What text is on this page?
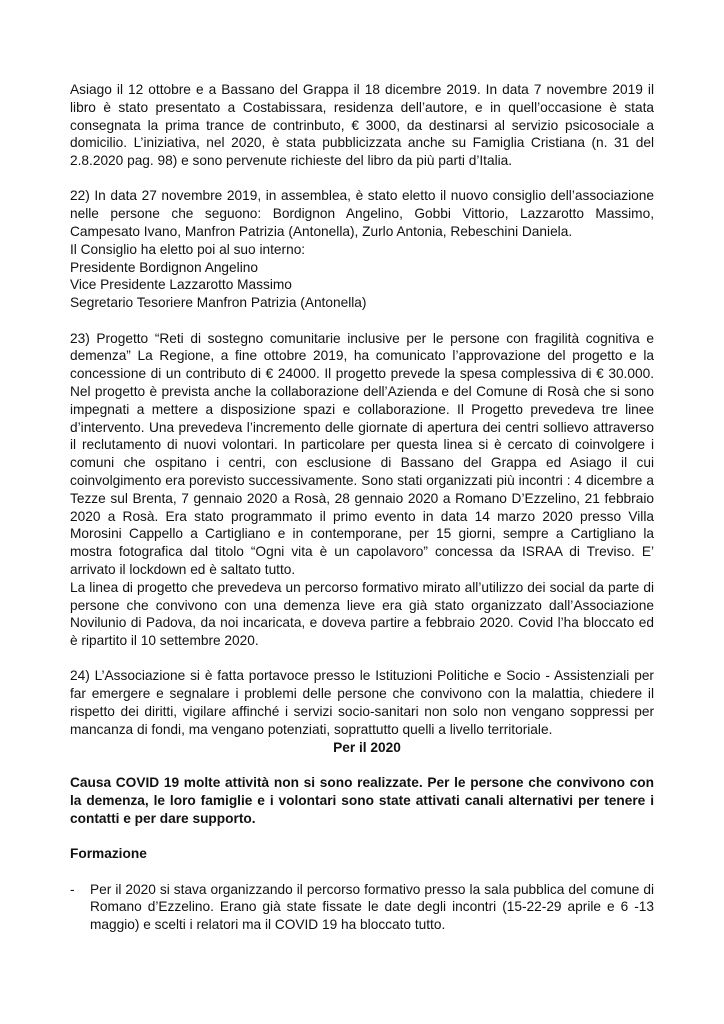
Asiago il 12 ottobre e a Bassano del Grappa il 18 dicembre 2019. In data 7 novembre 2019 il libro è stato presentato a Costabissara, residenza dell’autore, e in quell’occasione è stata consegnata la prima trance de contrinbuto, € 3000, da destinarsi al servizio psicosociale a domicilio. L’iniziativa, nel 2020, è stata pubblicizzata anche su Famiglia Cristiana (n. 31 del 2.8.2020 pag. 98) e sono pervenute richieste del libro da più parti d’Italia.

22) In data 27 novembre 2019, in assemblea, è stato eletto il nuovo consiglio dell’associazione nelle persone che seguono: Bordignon Angelino, Gobbi Vittorio, Lazzarotto Massimo, Campesato Ivano, Manfron Patrizia (Antonella), Zurlo Antonia, Rebeschini Daniela.

Il Consiglio ha eletto poi al suo interno:
Presidente Bordignon Angelino
Vice Presidente Lazzarotto Massimo
Segretario Tesoriere Manfron Patrizia (Antonella)

23) Progetto “Reti di sostegno comunitarie inclusive per le persone con fragilità cognitiva e demenza” La Regione, a fine ottobre 2019, ha comunicato l’approvazione del progetto e la concessione di un contributo di € 24000. Il progetto prevede la spesa complessiva di € 30.000. Nel progetto è prevista anche la collaborazione dell’Azienda e del Comune di Rosà che si sono impegnati a mettere a disposizione spazi e collaborazione. Il Progetto prevedeva tre linee d’intervento. Una prevedeva l’incremento delle giornate di apertura dei centri sollievo attraverso il reclutamento di nuovi volontari. In particolare per questa linea si è cercato di coinvolgere i comuni che ospitano i centri, con esclusione di Bassano del Grappa ed Asiago il cui coinvolgimento era porevisto successivamente. Sono stati organizzati più incontri : 4 dicembre a Tezze sul Brenta, 7 gennaio 2020 a Rosà, 28 gennaio 2020 a Romano D’Ezzelino, 21 febbraio 2020 a Rosà. Era stato programmato il primo evento in data 14 marzo 2020 presso Villa Morosini Cappello a Cartigliano e in contemporane, per 15 giorni, sempre a Cartigliano la mostra fotografica dal titolo “Ogni vita è un capolavoro” concessa da ISRAA di Treviso. E’ arrivato il lockdown ed è saltato tutto.

La linea di progetto che prevedeva un percorso formativo mirato all’utilizzo dei social da parte di persone che convivono con una demenza lieve era già stato organizzato dall’Associazione Novilunio di Padova, da noi incaricata, e doveva partire a febbraio 2020. Covid l’ha bloccato ed è ripartito il 10 settembre 2020.

24) L’Associazione si è fatta portavoce presso le Istituzioni Politiche e Socio - Assistenziali per far emergere e segnalare i problemi delle persone che convivono con la malattia, chiedere il rispetto dei diritti, vigilare affinché i servizi socio-sanitari non solo non vengano soppressi per mancanza di fondi, ma vengano potenziati, soprattutto quelli a livello territoriale.

Per il 2020

Causa COVID 19 molte attività non si sono realizzate. Per le persone che convivono con la demenza, le loro famiglie e i volontari sono state attivati canali alternativi per tenere i contatti e per dare supporto.

Formazione
- Per il 2020 si stava organizzando il percorso formativo presso la sala pubblica del comune di Romano d’Ezzelino. Erano già state fissate le date degli incontri (15-22-29 aprile e 6 -13 maggio) e scelti i relatori ma il COVID 19 ha bloccato tutto.
